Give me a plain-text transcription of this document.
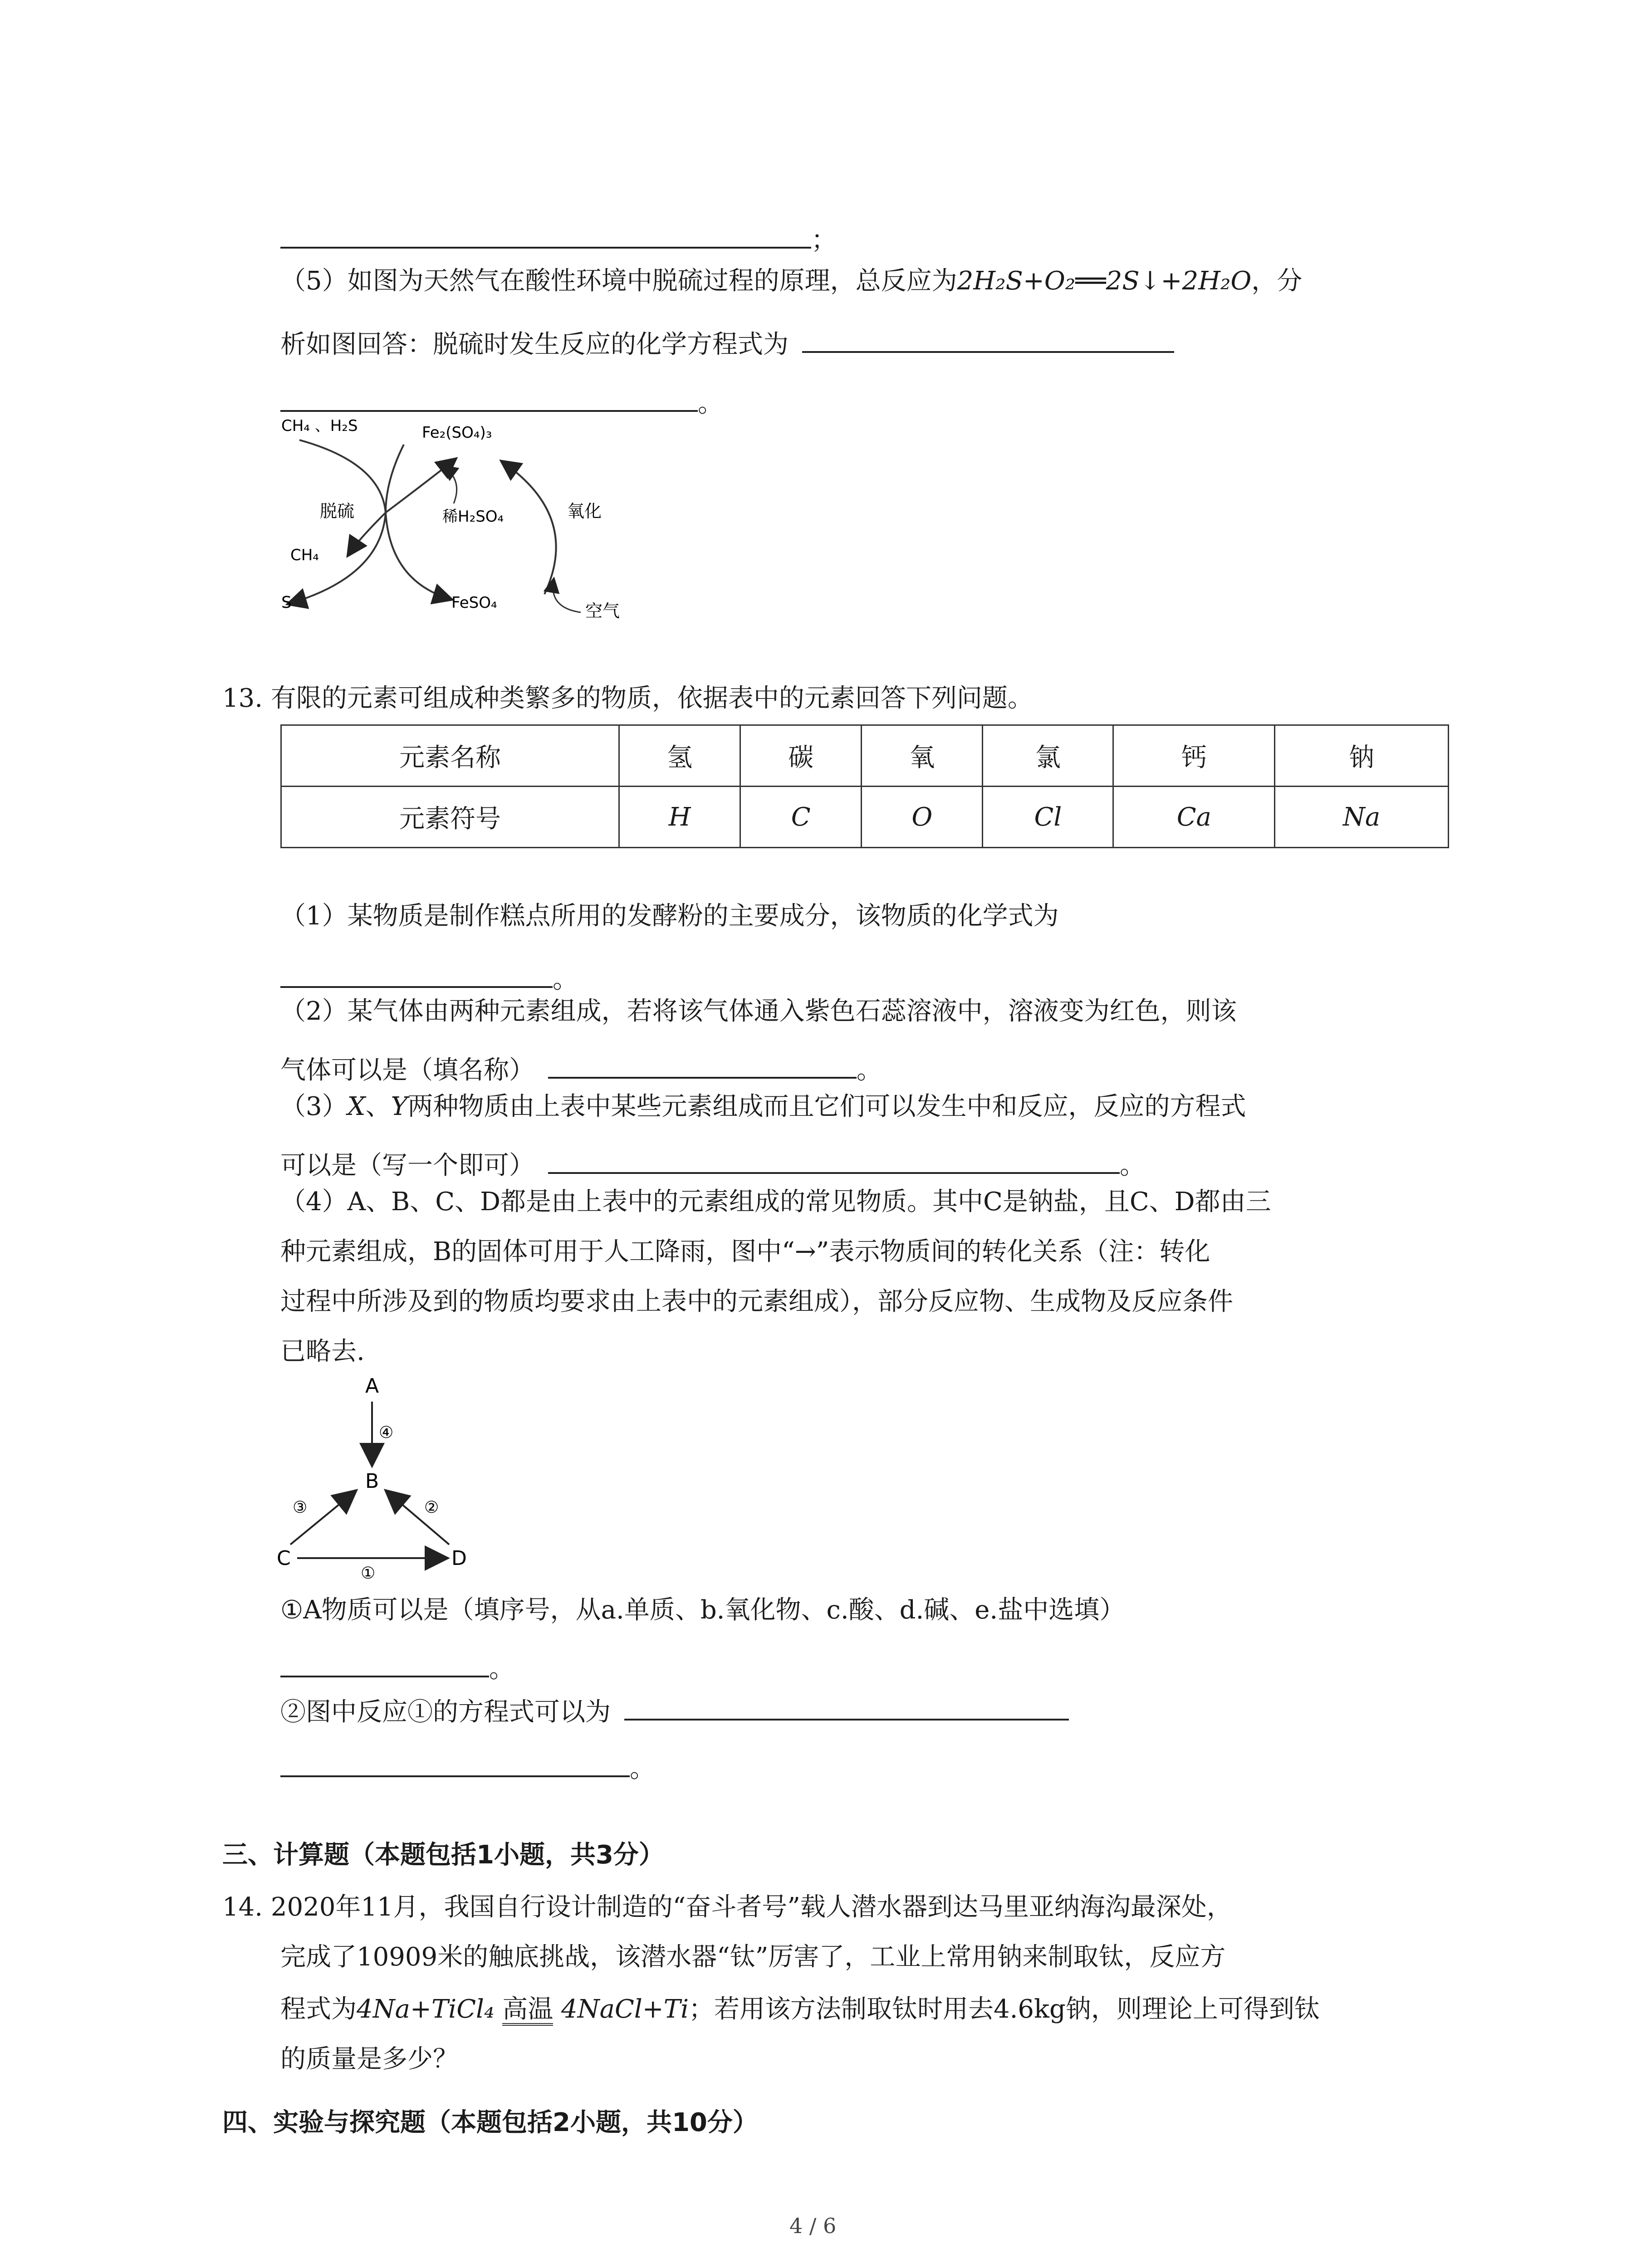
；
（5）如图为天然气在酸性环境中脱硫过程的原理，总反应为2H₂S+O₂══2S↓+2H₂O，分
析如图回答：脱硫时发生反应的化学方程式为
。
CH₄ 、H₂S	Fe₂(SO₄)₃
脱硫	稀H₂SO₄	氧化
CH₄
S	FeSO₄	空气
13. 有限的元素可组成种类繁多的物质，依据表中的元素回答下列问题。
元素名称	氢	碳	氧	氯	钙	钠
元素符号	H	C	O	Cl	Ca	Na
（1）某物质是制作糕点所用的发酵粉的主要成分，该物质的化学式为
。
（2）某气体由两种元素组成，若将该气体通入紫色石蕊溶液中，溶液变为红色，则该
气体可以是（填名称）	。
（3）X、Y两种物质由上表中某些元素组成而且它们可以发生中和反应，反应的方程式
可以是（写一个即可）	。
（4）A、B、C、D都是由上表中的元素组成的常见物质。其中C是钠盐，且C、D都由三
种元素组成，B的固体可用于人工降雨，图中“→”表示物质间的转化关系（注：转化
过程中所涉及到的物质均要求由上表中的元素组成），部分反应物、生成物及反应条件
已略去.
A
④
B
③	②
C
①
D
①A物质可以是（填序号，从a.单质、b.氧化物、c.酸、d.碱、e.盐中选填）
。
②图中反应①的方程式可以为
。
三、计算题（本题包括1小题，共3分）
14. 2020年11月，我国自行设计制造的“奋斗者号”载人潜水器到达马里亚纳海沟最深处，
完成了10909米的触底挑战，该潜水器“钛”厉害了，工业上常用钠来制取钛，反应方
程式为4Na+TiCl₄ 高温 4NaCl+Ti；若用该方法制取钛时用去4.6kg钠，则理论上可得到钛
的质量是多少？
四、实验与探究题（本题包括2小题，共10分）
4 / 6
